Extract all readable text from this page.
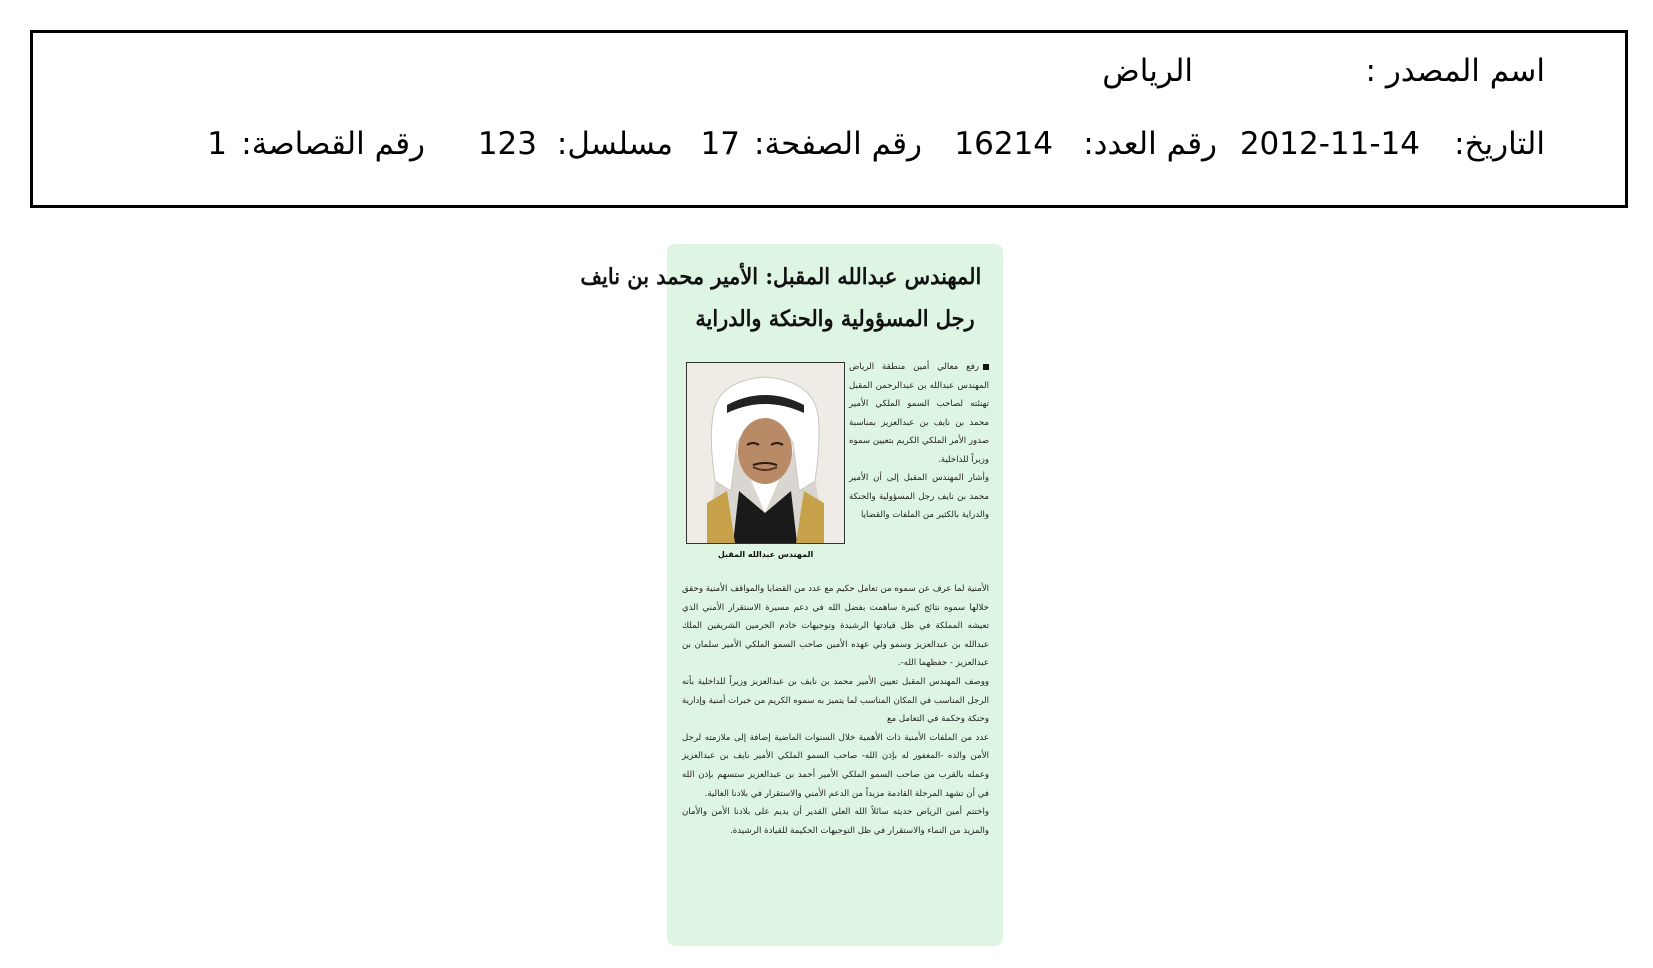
اسم المصدر :
الرياض
التاريخ:
2012-11-14
رقم العدد:
16214
رقم الصفحة:
17
مسلسل:
123
رقم القصاصة:
1
المهندس عبدالله المقبل: الأمير محمد بن نايف
رجل المسؤولية والحنكة والدراية
المهندس عبدالله المقبل

رفع معالي أمين منطقة الرياض المهندس عبدالله بن عبدالرحمن المقبل تهنئته لصاحب السمو الملكي الأمير محمد بن نايف بن عبدالعزيز بمناسبة صدور الأمر الملكي الكريم بتعيين سموه وزيراً للداخلية.

وأشار المهندس المقبل إلى أن الأمير محمد بن نايف رجل المسؤولية والحنكة والدراية بالكثير من الملفات والقضايا

الأمنية لما عرف عن سموه من تعامل حكيم مع عدد من القضايا والمواقف الأمنية وحقق خلالها سموه نتائج كبيرة ساهمت بفضل الله في دعم مسيرة الاستقرار الأمني الذي تعيشه المملكة في ظل قيادتها الرشيدة وتوجيهات خادم الحرمين الشريفين الملك عبدالله بن عبدالعزيز وسمو ولي عهده الأمين صاحب السمو الملكي الأمير سلمان بن عبدالعزيز - حفظهما الله-.

ووصف المهندس المقبل تعيين الأمير محمد بن نايف بن عبدالعزيز وزيراً للداخلية بأنه الرجل المناسب في المكان المناسب لما يتميز به سموه الكريم من خبرات أمنية وإدارية وحنكة وحكمة في التعامل مع

عدد من الملفات الأمنية ذات الأهمية خلال السنوات الماضية إضافة إلى ملازمته لرجل الأمن والده -المغفور له بإذن الله- صاحب السمو الملكي الأمير نايف بن عبدالعزيز وعمله بالقرب من صاحب السمو الملكي الأمير أحمد بن عبدالعزيز ستسهم بإذن الله في أن تشهد المرحلة القادمة مزيداً من الدعم الأمني والاستقرار في بلادنا الغالية.

واختتم أمين الرياض حديثه سائلاً الله العلي القدير أن يديم على بلادنا الأمن والأمان والمزيد من النماء والاستقرار في ظل التوجيهات الحكيمة للقيادة الرشيدة.
